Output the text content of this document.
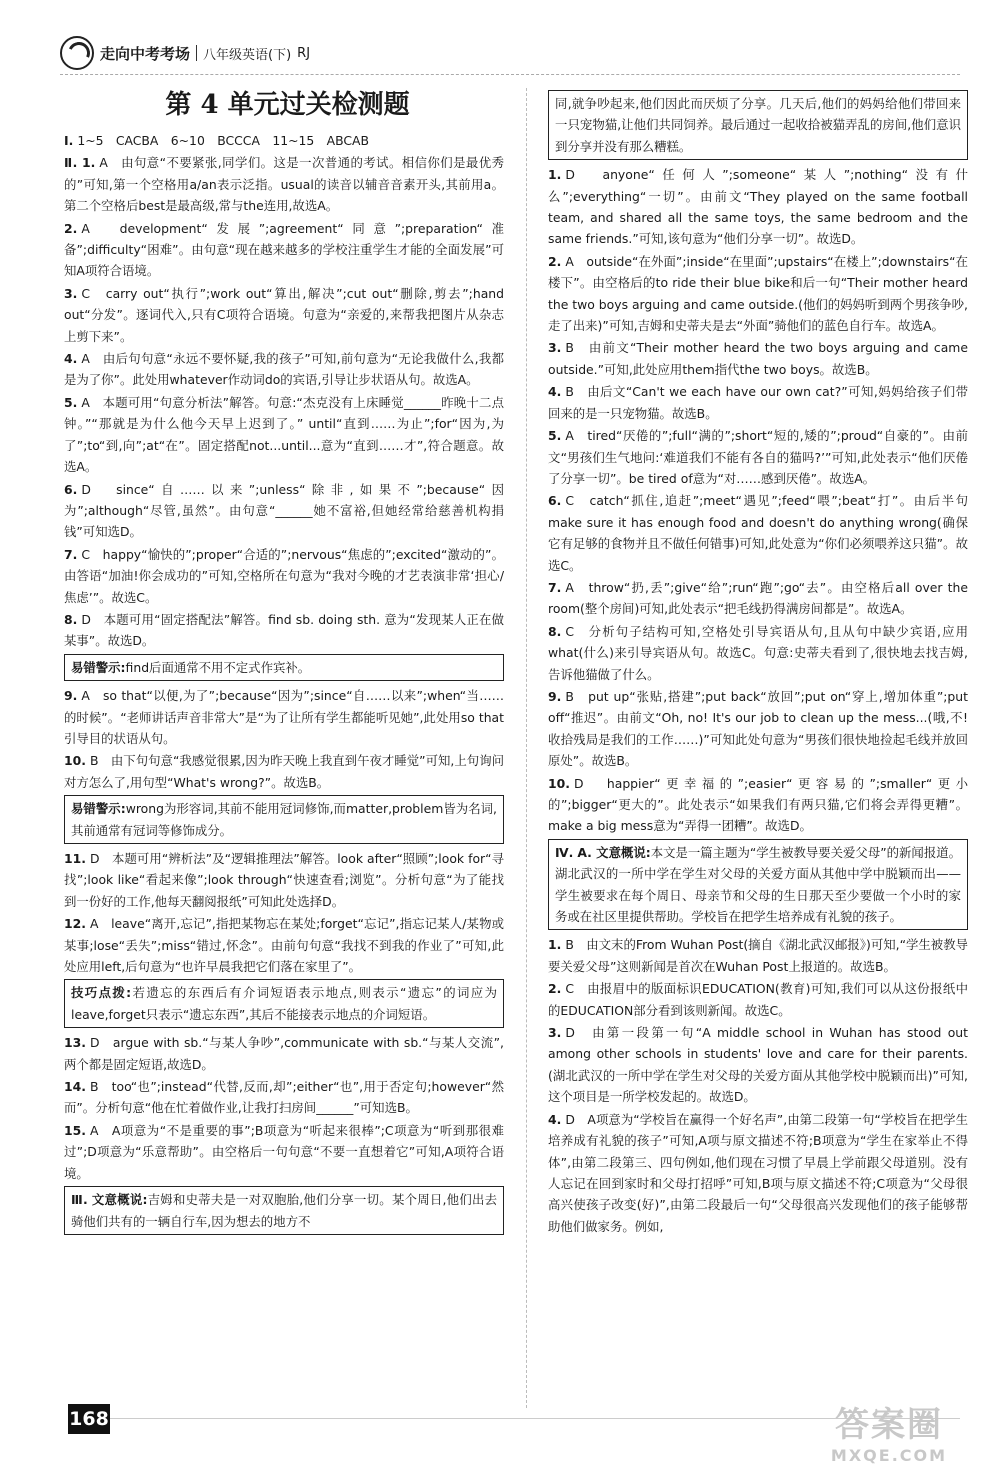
走向中考考场 八年级英语(下) RJ
第 4 单元过关检测题
Ⅰ. 1~5　CACBA　6~10　BCCCA　11~15　ABCAB
Ⅱ. 1. A　由句意“不要紧张,同学们。这是一次普通的考试。相信你们是最优秀的”可知,第一个空格用a/an表示泛指。usual的读音以辅音音素开头,其前用a。第二个空格后best是最高级,常与the连用,故选A。
2. A　development“发展”;agreement“同意”;preparation“准备”;difficulty“困难”。由句意“现在越来越多的学校注重学生才能的全面发展”可知A项符合语境。
3. C　carry out“执行”;work out“算出,解决”;cut out“删除,剪去”;hand out“分发”。逐词代入,只有C项符合语境。句意为“亲爱的,来帮我把图片从杂志上剪下来”。
4. A　由后句句意“永远不要怀疑,我的孩子”可知,前句意为“无论我做什么,我都是为了你”。此处用whatever作动词do的宾语,引导让步状语从句。故选A。
5. A　本题可用“句意分析法”解答。句意:“杰克没有上床睡觉______昨晚十二点钟。”“那就是为什么他今天早上迟到了。” until“直到……为止”;for“因为,为了”;to“到,向”;at“在”。固定搭配not...until...意为“直到……才”,符合题意。故选A。
6. D　since“自……以来”;unless“除非,如果不”;because“因为”;although“尽管,虽然”。由句意“______她不富裕,但她经常给慈善机构捐钱”可知选D。
7. C　happy“愉快的”;proper“合适的”;nervous“焦虑的”;excited“激动的”。由答语“加油!你会成功的”可知,空格所在句意为“我对今晚的才艺表演非常‘担心/焦虑’”。故选C。
8. D　本题可用“固定搭配法”解答。find sb. doing sth. 意为“发现某人正在做某事”。故选D。
易错警示:find后面通常不用不定式作宾补。
9. A　so that“以便,为了”;because“因为”;since“自……以来”;when“当……的时候”。“老师讲话声音非常大”是“为了让所有学生都能听见她”,此处用so that引导目的状语从句。
10. B　由下句句意“我感觉很累,因为昨天晚上我直到午夜才睡觉”可知,上句询问对方怎么了,用句型“What's wrong?”。故选B。
易错警示:wrong为形容词,其前不能用冠词修饰,而matter,problem皆为名词,其前通常有冠词等修饰成分。
11. D　本题可用“辨析法”及“逻辑推理法”解答。look after“照顾”;look for“寻找”;look like“看起来像”;look through“快速查看;浏览”。分析句意“为了能找到一份好的工作,他每天翻阅报纸”可知此处选择D。
12. A　leave“离开,忘记”,指把某物忘在某处;forget“忘记”,指忘记某人/某物或某事;lose“丢失”;miss“错过,怀念”。由前句句意“我找不到我的作业了”可知,此处应用left,后句意为“也许早晨我把它们落在家里了”。
技巧点拨:若遗忘的东西后有介词短语表示地点,则表示“遗忘”的词应为leave,forget只表示“遗忘东西”,其后不能接表示地点的介词短语。
13. D　argue with sb.“与某人争吵”,communicate with sb.“与某人交流”,两个都是固定短语,故选D。
14. B　too“也”;instead“代替,反而,却”;either“也”,用于否定句;however“然而”。分析句意“他在忙着做作业,让我打扫房间______”可知选B。
15. A　A项意为“不是重要的事”;B项意为“听起来很棒”;C项意为“听到那很难过”;D项意为“乐意帮助”。由空格后一句句意“不要一直想着它”可知,A项符合语境。
Ⅲ. 文意概说:吉姆和史蒂夫是一对双胞胎,他们分享一切。某个周日,他们出去骑他们共有的一辆自行车,因为想去的地方不
同,就争吵起来,他们因此而厌烦了分享。几天后,他们的妈妈给他们带回来一只宠物猫,让他们共同饲养。最后通过一起收拾被猫弄乱的房间,他们意识到分享并没有那么糟糕。
1. D　anyone“任何人”;someone“某人”;nothing“没有什么”;everything“一切”。由前文“They played on the same football team, and shared all the same toys, the same bedroom and the same friends.”可知,该句意为“他们分享一切”。故选D。
2. A　outside“在外面”;inside“在里面”;upstairs“在楼上”;downstairs“在楼下”。由空格后的to ride their blue bike和后一句“Their mother heard the two boys arguing and came outside.(他们的妈妈听到两个男孩争吵,走了出来)”可知,吉姆和史蒂夫是去“外面”骑他们的蓝色自行车。故选A。
3. B　由前文“Their mother heard the two boys arguing and came outside.”可知,此处应用them指代the two boys。故选B。
4. B　由后文“Can't we each have our own cat?”可知,妈妈给孩子们带回来的是一只宠物猫。故选B。
5. A　tired“厌倦的”;full“满的”;short“短的,矮的”;proud“自豪的”。由前文“男孩们生气地问:‘难道我们不能有各自的猫吗?’”可知,此处表示“他们厌倦了分享一切”。be tired of意为“对……感到厌倦”。故选A。
6. C　catch“抓住,追赶”;meet“遇见”;feed“喂”;beat“打”。由后半句make sure it has enough food and doesn't do anything wrong(确保它有足够的食物并且不做任何错事)可知,此处意为“你们必须喂养这只猫”。故选C。
7. A　throw“扔,丢”;give“给”;run“跑”;go“去”。由空格后all over the room(整个房间)可知,此处表示“把毛线扔得满房间都是”。故选A。
8. C　分析句子结构可知,空格处引导宾语从句,且从句中缺少宾语,应用what(什么)来引导宾语从句。故选C。句意:史蒂夫看到了,很快地去找吉姆,告诉他猫做了什么。
9. B　put up“张贴,搭建”;put back“放回”;put on“穿上,增加体重”;put off“推迟”。由前文“Oh, no! It's our job to clean up the mess...(哦,不!收拾残局是我们的工作……)”可知此处句意为“男孩们很快地捡起毛线并放回原处”。故选B。
10. D　happier“更幸福的”;easier“更容易的”;smaller“更小的”;bigger“更大的”。此处表示“如果我们有两只猫,它们将会弄得更糟”。make a big mess意为“弄得一团糟”。故选D。
Ⅳ. A. 文意概说:本文是一篇主题为“学生被教导要关爱父母”的新闻报道。湖北武汉的一所中学在学生对父母的关爱方面从其他中学中脱颖而出——学生被要求在每个周日、母亲节和父母的生日那天至少要做一个小时的家务或在社区里提供帮助。学校旨在把学生培养成有礼貌的孩子。
1. B　由文末的From Wuhan Post(摘自《湖北武汉邮报》)可知,“学生被教导要关爱父母”这则新闻是首次在Wuhan Post上报道的。故选B。
2. C　由报眉中的版面标识EDUCATION(教育)可知,我们可以从这份报纸中的EDUCATION部分看到该则新闻。故选C。
3. D　由第一段第一句“A middle school in Wuhan has stood out among other schools in students' love and care for their parents.(湖北武汉的一所中学在学生对父母的关爱方面从其他学校中脱颖而出)”可知,这个项目是一所学校发起的。故选D。
4. D　A项意为“学校旨在赢得一个好名声”,由第二段第一句“学校旨在把学生培养成有礼貌的孩子”可知,A项与原文描述不符;B项意为“学生在家举止不得体”,由第二段第三、四句例如,他们现在习惯了早晨上学前跟父母道别。没有人忘记在回到家时和父母打招呼”可知,B项与原文描述不符;C项意为“父母很高兴使孩子改变(好)”,由第二段最后一句“父母很高兴发现他们的孩子能够帮助他们做家务。例如,
168	答案圈
MXQE.COM
